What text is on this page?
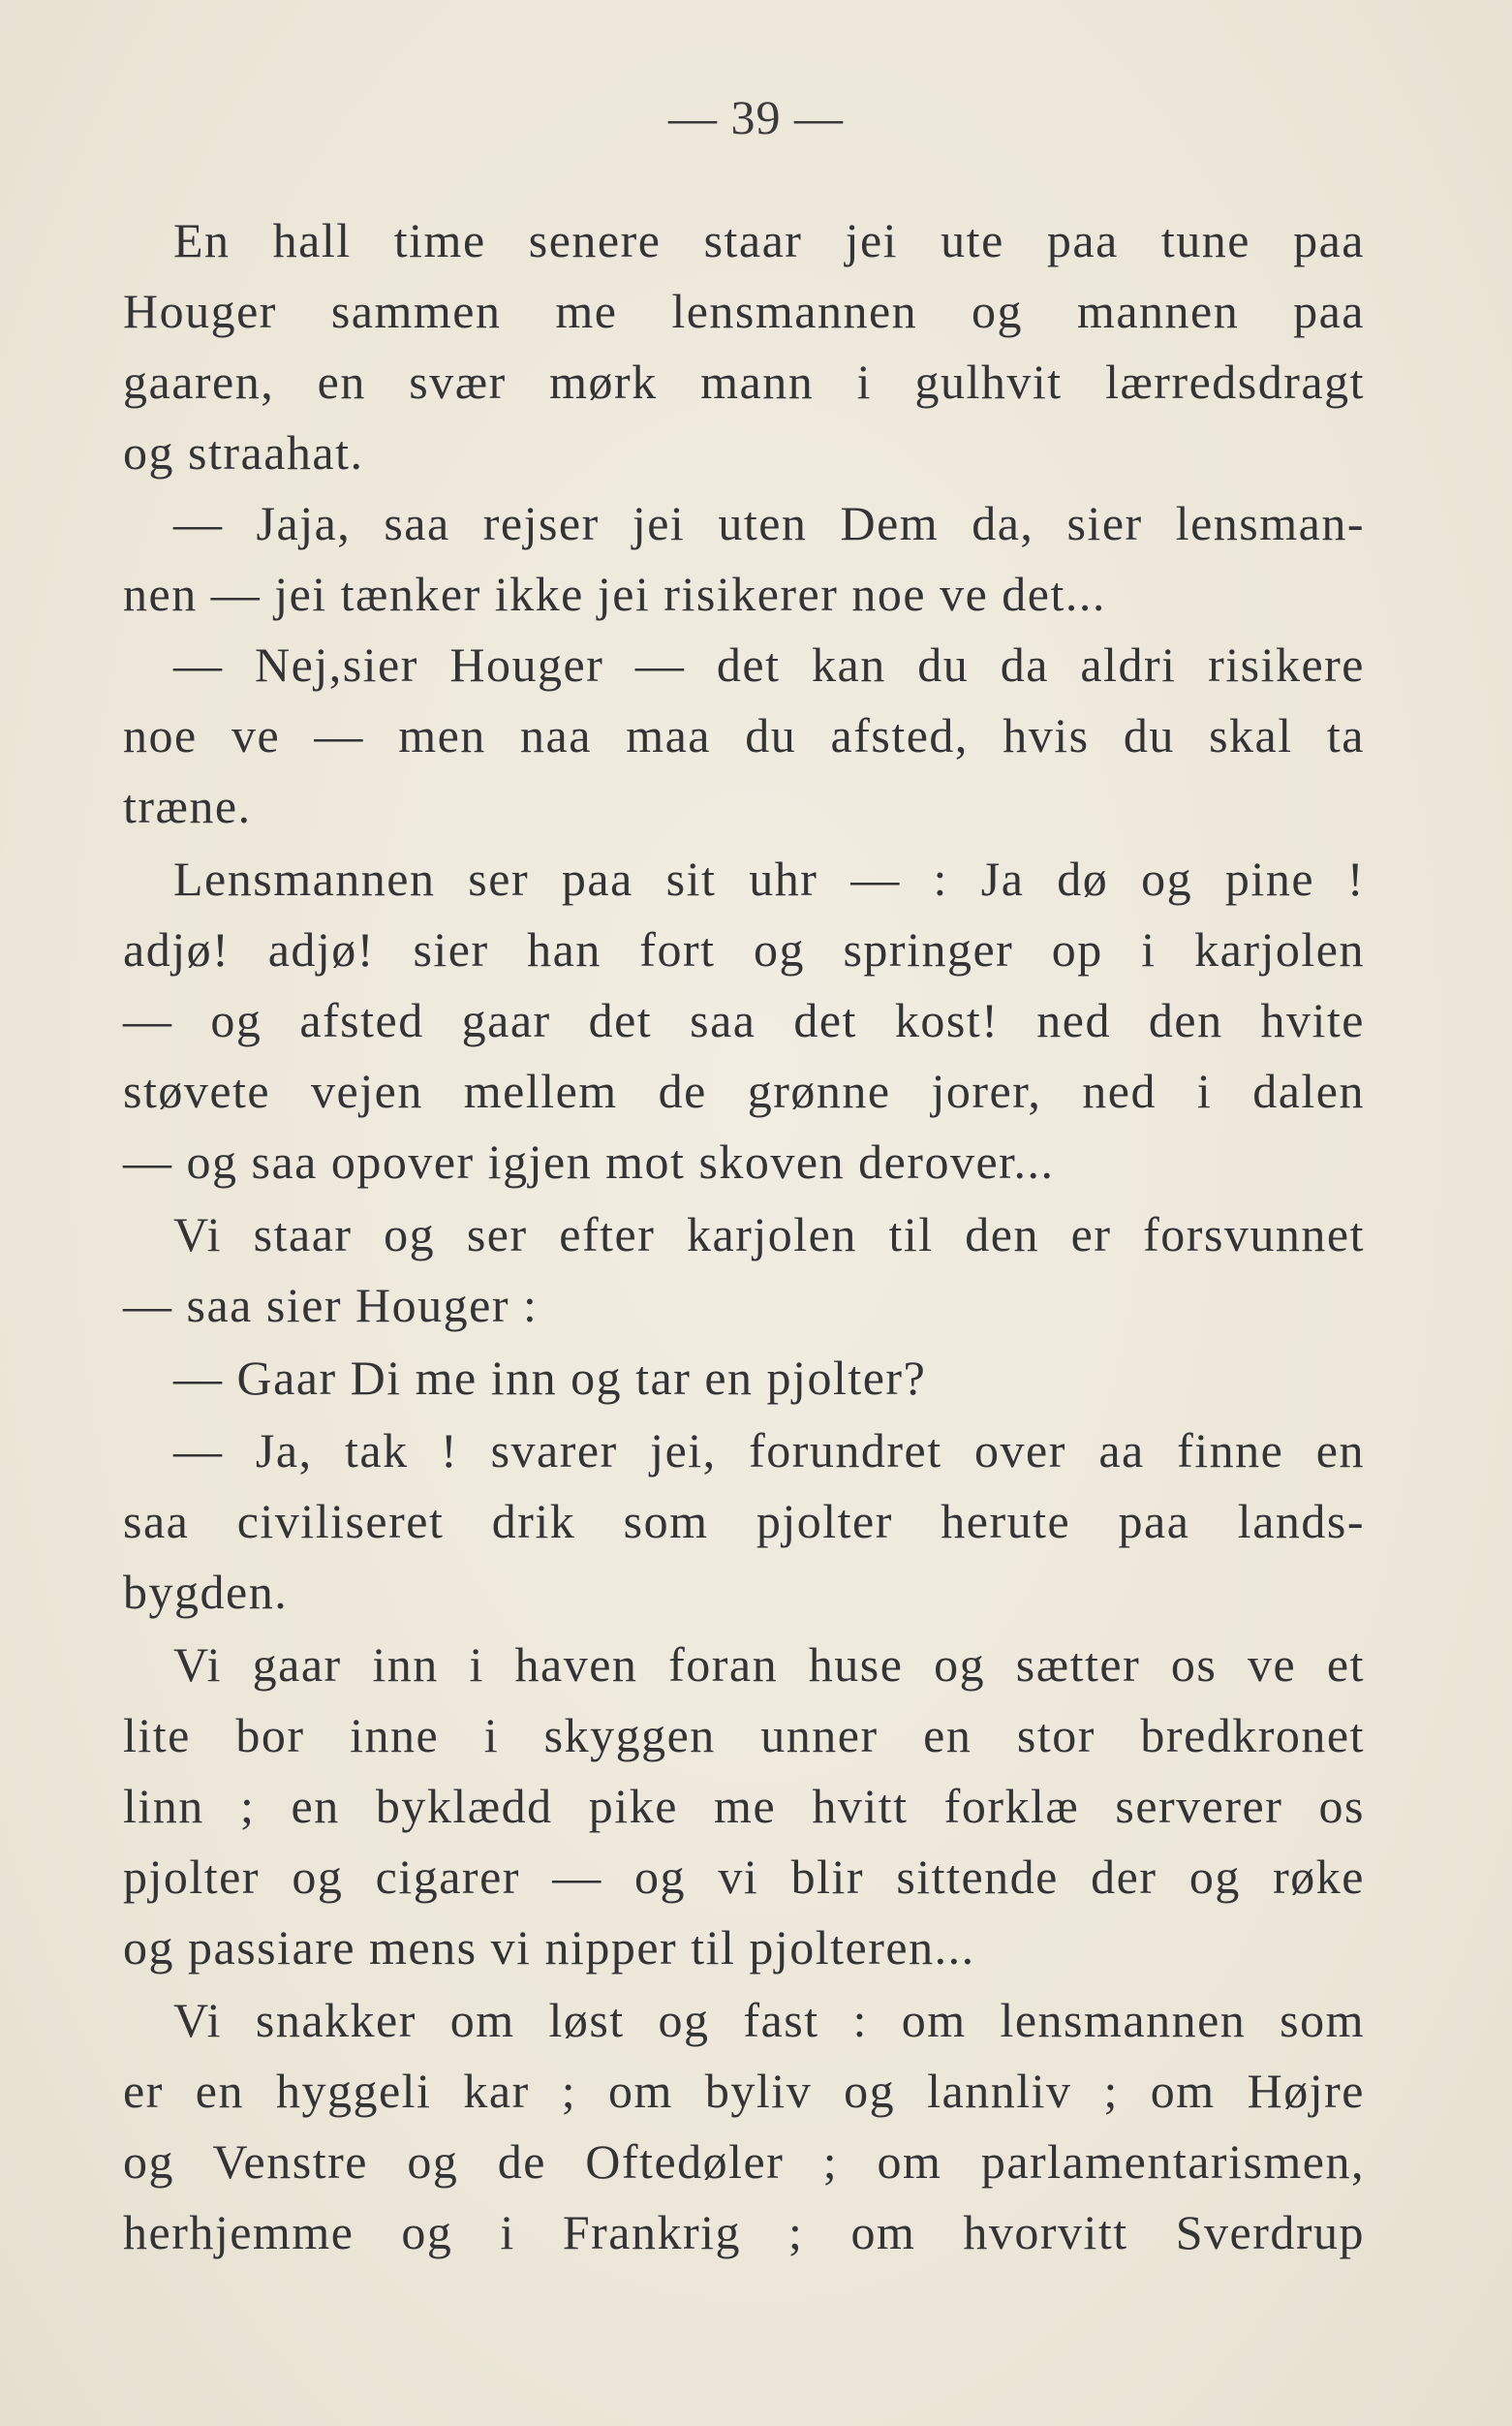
— 39 —
En hall time senere staar jei ute paa tune paa
Houger sammen me lensmannen og mannen paa
gaaren, en svær mørk mann i gulhvit lærredsdragt
og straahat.
— Jaja, saa rejser jei uten Dem da, sier lensman-
nen — jei tænker ikke jei risikerer noe ve det...
— Nej,sier Houger — det kan du da aldri risikere
noe ve — men naa maa du afsted, hvis du skal ta
træne.
Lensmannen ser paa sit uhr — : Ja dø og pine !
adjø! adjø! sier han fort og springer op i karjolen
— og afsted gaar det saa det kost! ned den hvite
støvete vejen mellem de grønne jorer, ned i dalen
— og saa opover igjen mot skoven derover...
Vi staar og ser efter karjolen til den er forsvunnet
— saa sier Houger :
— Gaar Di me inn og tar en pjolter?
— Ja, tak ! svarer jei, forundret over aa finne en
saa civiliseret drik som pjolter herute paa lands-
bygden.
Vi gaar inn i haven foran huse og sætter os ve et
lite bor inne i skyggen unner en stor bredkronet
linn ; en byklædd pike me hvitt forklæ serverer os
pjolter og cigarer — og vi blir sittende der og røke
og passiare mens vi nipper til pjolteren...
Vi snakker om løst og fast : om lensmannen som
er en hyggeli kar ; om byliv og lannliv ; om Højre
og Venstre og de Oftedøler ; om parlamentarismen,
herhjemme og i Frankrig ; om hvorvitt Sverdrup
